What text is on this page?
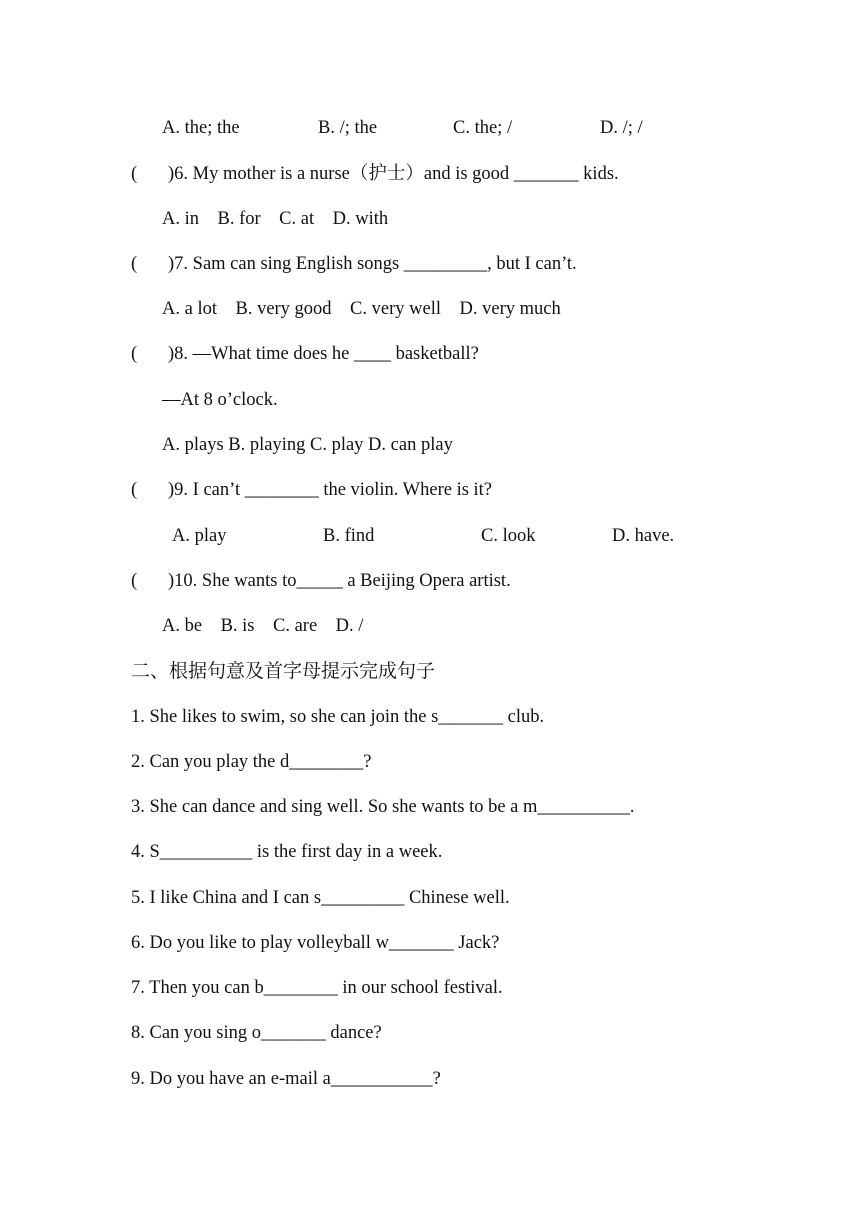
A. the; the	B. /; the	C. the; /	D. /; /
( )6. My mother is a nurse（护士）and is good _______ kids.
A. in    B. for    C. at    D. with
( )7. Sam can sing English songs _________, but I can’t.
A. a lot    B. very good    C. very well    D. very much
( )8. —What time does he ____ basketball?
—At 8 o’clock.
A. plays B. playing C. play D. can play
( )9. I can’t ________ the violin. Where is it?
A. play	B. find	C. look	D. have.
( )10. She wants to_____ a Beijing Opera artist.
A. be    B. is    C. are    D. /
二、根据句意及首字母提示完成句子
1. She likes to swim, so she can join the s_______ club.
2. Can you play the d________?
3. She can dance and sing well. So she wants to be a m__________.
4. S__________ is the first day in a week.
5. I like China and I can s_________ Chinese well.
6. Do you like to play volleyball w_______ Jack?
7. Then you can b________ in our school festival.
8. Can you sing o_______ dance?
9. Do you have an e-mail a___________?
